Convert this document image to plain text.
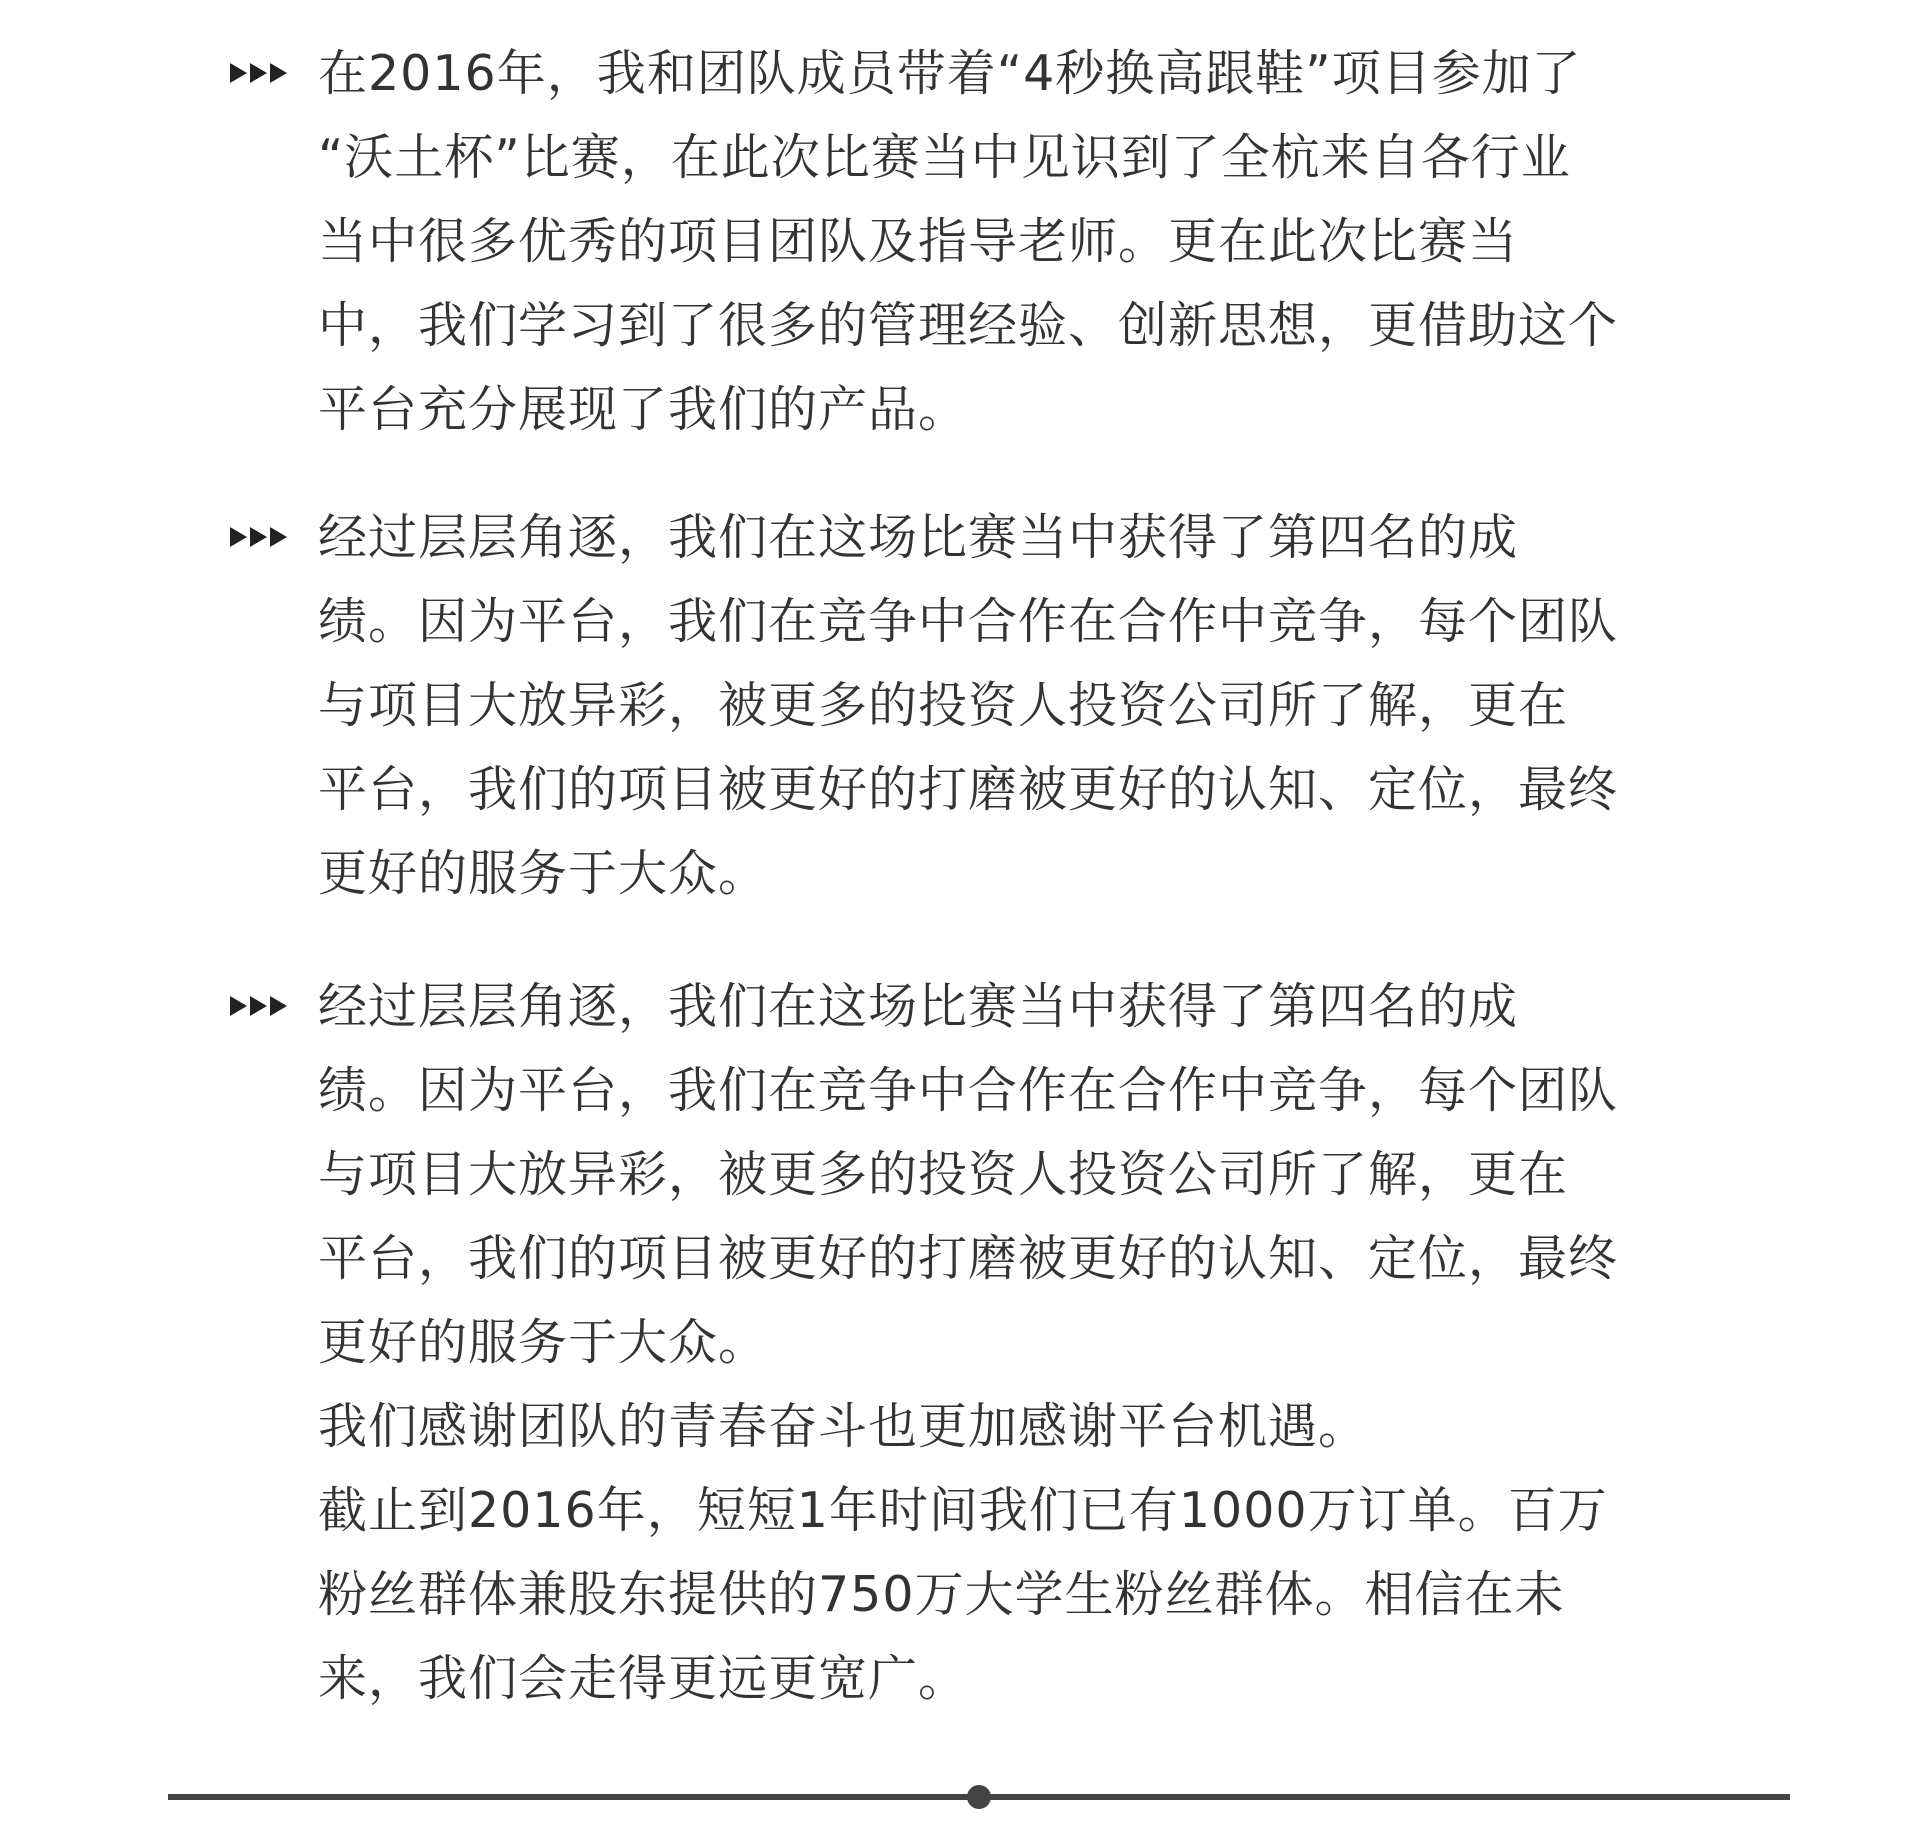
在2016年，我和团队成员带着“4秒换高跟鞋”项目参加了
“沃土杯”比赛，在此次比赛当中见识到了全杭来自各行业
当中很多优秀的项目团队及指导老师。更在此次比赛当
中，我们学习到了很多的管理经验、创新思想，更借助这个
平台充分展现了我们的产品。
经过层层角逐，我们在这场比赛当中获得了第四名的成
绩。因为平台，我们在竞争中合作在合作中竞争，每个团队
与项目大放异彩，被更多的投资人投资公司所了解，更在
平台，我们的项目被更好的打磨被更好的认知、定位，最终
更好的服务于大众。
经过层层角逐，我们在这场比赛当中获得了第四名的成
绩。因为平台，我们在竞争中合作在合作中竞争，每个团队
与项目大放异彩，被更多的投资人投资公司所了解，更在
平台，我们的项目被更好的打磨被更好的认知、定位，最终
更好的服务于大众。
我们感谢团队的青春奋斗也更加感谢平台机遇。
截止到2016年，短短1年时间我们已有1000万订单。百万
粉丝群体兼股东提供的750万大学生粉丝群体。相信在未
来，我们会走得更远更宽广。
